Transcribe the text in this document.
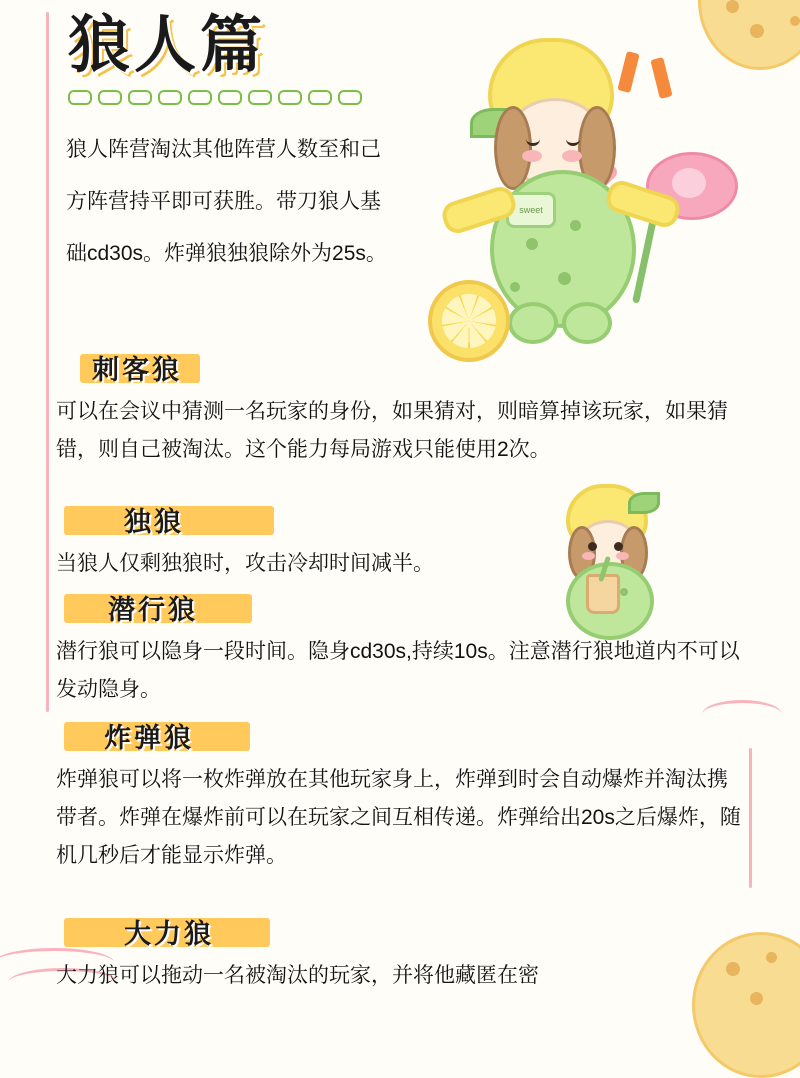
狼人篇
狼人阵营淘汰其他阵营人数至和己方阵营持平即可获胜。带刀狼人基础cd30s。炸弹狼独狼除外为25s。
sweet
刺客狼
可以在会议中猜测一名玩家的身份，如果猜对，则暗算掉该玩家，如果猜错，则自己被淘汰。这个能力每局游戏只能使用2次。
独狼
当狼人仅剩独狼时，攻击冷却时间减半。
潜行狼
潜行狼可以隐身一段时间。隐身cd30s,持续10s。注意潜行狼地道内不可以发动隐身。
炸弹狼
炸弹狼可以将一枚炸弹放在其他玩家身上，炸弹到时会自动爆炸并淘汰携带者。炸弹在爆炸前可以在玩家之间互相传递。炸弹给出20s之后爆炸，随机几秒后才能显示炸弹。
大力狼
大力狼可以拖动一名被淘汰的玩家，并将他藏匿在密
